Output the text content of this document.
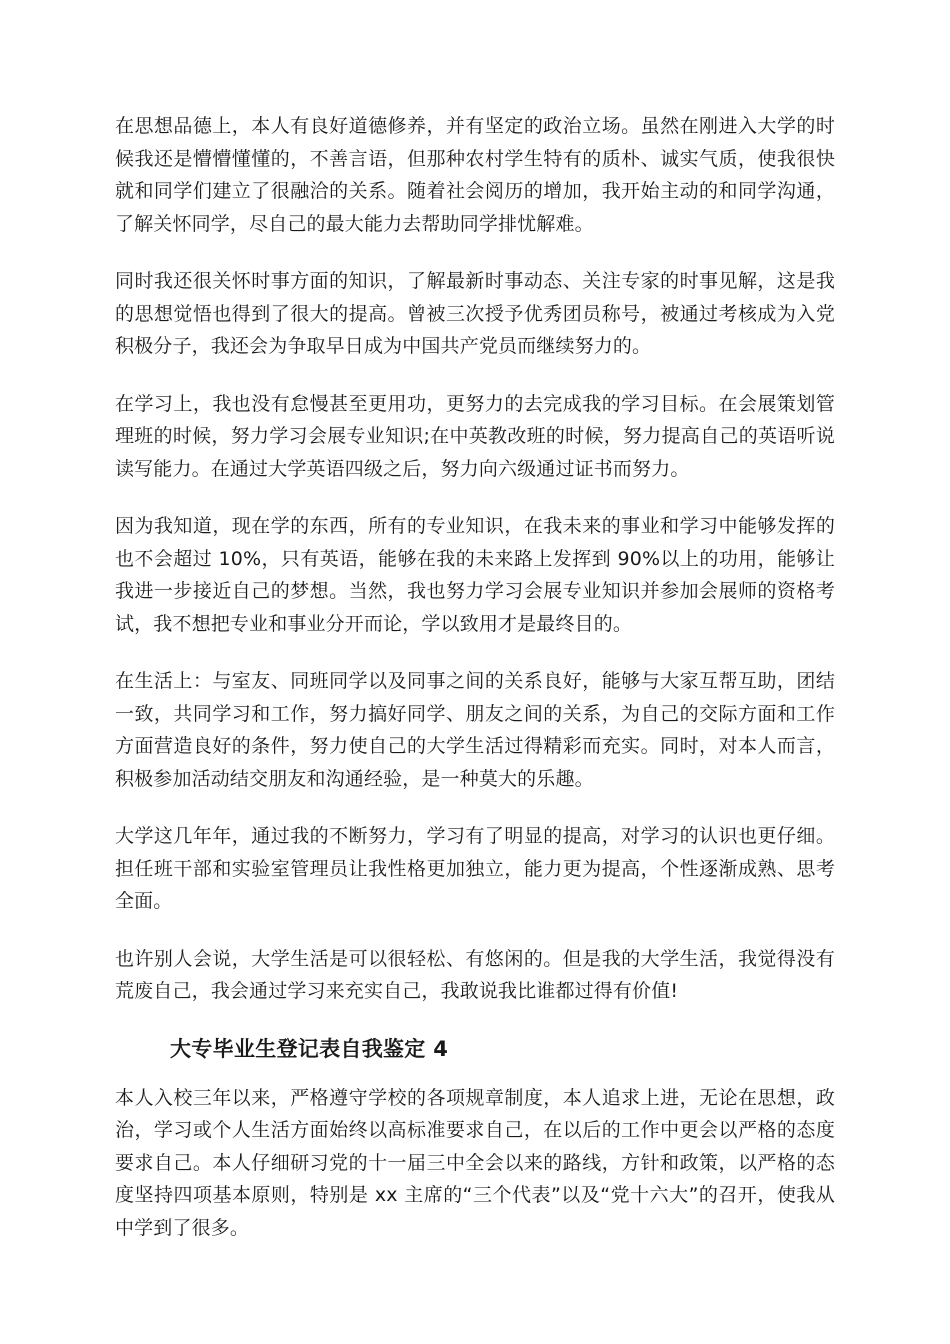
在思想品德上，本人有良好道德修养，并有坚定的政治立场。虽然在刚进入大学的时候我还是懵懵懂懂的，不善言语，但那种农村学生特有的质朴、诚实气质，使我很快就和同学们建立了很融洽的关系。随着社会阅历的增加，我开始主动的和同学沟通，了解关怀同学，尽自己的最大能力去帮助同学排忧解难。

同时我还很关怀时事方面的知识，了解最新时事动态、关注专家的时事见解，这是我的思想觉悟也得到了很大的提高。曾被三次授予优秀团员称号，被通过考核成为入党积极分子，我还会为争取早日成为中国共产党员而继续努力的。

在学习上，我也没有怠慢甚至更用功，更努力的去完成我的学习目标。在会展策划管理班的时候，努力学习会展专业知识;在中英教改班的时候，努力提高自己的英语听说读写能力。在通过大学英语四级之后，努力向六级通过证书而努力。

因为我知道，现在学的东西，所有的专业知识，在我未来的事业和学习中能够发挥的也不会超过 10%，只有英语，能够在我的未来路上发挥到 90%以上的功用，能够让我进一步接近自己的梦想。当然，我也努力学习会展专业知识并参加会展师的资格考试，我不想把专业和事业分开而论，学以致用才是最终目的。

在生活上：与室友、同班同学以及同事之间的关系良好，能够与大家互帮互助，团结一致，共同学习和工作，努力搞好同学、朋友之间的关系，为自己的交际方面和工作方面营造良好的条件，努力使自己的大学生活过得精彩而充实。同时，对本人而言，积极参加活动结交朋友和沟通经验，是一种莫大的乐趣。

大学这几年年，通过我的不断努力，学习有了明显的提高，对学习的认识也更仔细。担任班干部和实验室管理员让我性格更加独立，能力更为提高，个性逐渐成熟、思考全面。

也许别人会说，大学生活是可以很轻松、有悠闲的。但是我的大学生活，我觉得没有荒废自己，我会通过学习来充实自己，我敢说我比谁都过得有价值!

大专毕业生登记表自我鉴定 4

本人入校三年以来，严格遵守学校的各项规章制度，本人追求上进，无论在思想，政治，学习或个人生活方面始终以高标准要求自己，在以后的工作中更会以严格的态度要求自己。本人仔细研习党的十一届三中全会以来的路线，方针和政策，以严格的态度坚持四项基本原则，特别是 xx 主席的“三个代表”以及“党十六大”的召开，使我从中学到了很多。
